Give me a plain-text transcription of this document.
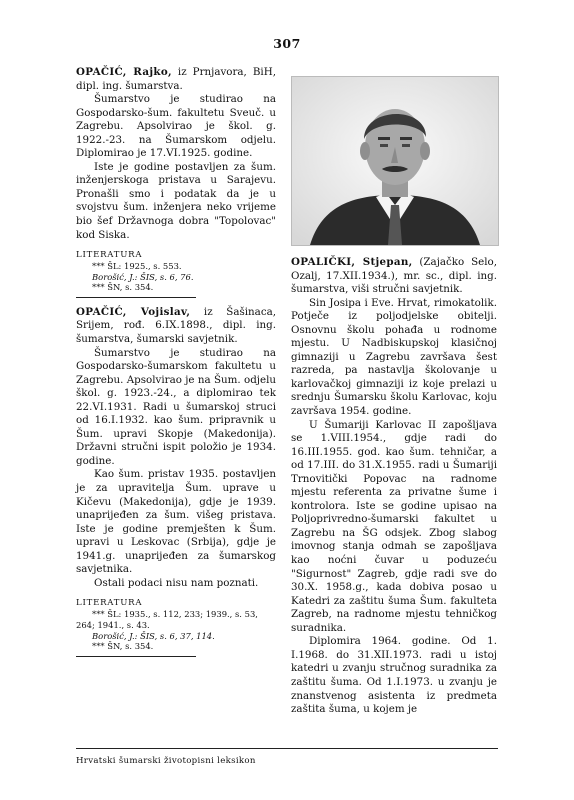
307

OPAČIĆ, Rajko, iz Prnjavora, BiH, dipl. ing. šumarstva.

Šumarstvo je studirao na Gospodarsko-šum. fakultetu Sveuč. u Zagrebu. Apsolvirao je škol. g. 1922.-23. na Šumarskom odjelu. Diplomirao je 17.VI.1925. godine.

Iste je godine postavljen za šum. inženjerskoga pristava u Sarajevu. Pronašli smo i podatak da je u svojstvu šum. inženjera neko vrijeme bio šef Državnoga dobra "Topolovac" kod Siska.

LITERATURA
*** ŠL: 1925., s. 553.
Borošić, J.: ŠIS, s. 6, 76.
*** ŠN, s. 354.

OPAČIĆ, Vojislav, iz Šašinaca, Srijem, rođ. 6.IX.1898., dipl. ing. šumarstva, šumarski savjetnik.

Šumarstvo je studirao na Gospodarsko-šumarskom fakultetu u Zagrebu. Apsolvirao je na Šum. odjelu škol. g. 1923.-24., a diplomirao tek 22.VI.1931. Radi u šumarskoj struci od 16.I.1932. kao šum. pripravnik u Šum. upravi Skopje (Makedonija). Državni stručni ispit položio je 1934. godine.

Kao šum. pristav 1935. postavljen je za upravitelja Šum. uprave u Kičevu (Makedonija), gdje je 1939. unaprijeđen za šum. višeg pristava. Iste je godine premješten k Šum. upravi u Leskovac (Srbija), gdje je 1941.g. unaprijeđen za šumarskog savjetnika.

Ostali podaci nisu nam poznati.

LITERATURA
*** ŠL: 1935., s. 112, 233; 1939., s. 53, 264; 1941., s. 43.
Borošić, J.: ŠIS, s. 6, 37, 114.
*** ŠN, s. 354.

OPALIČKI, Stjepan, (Zajačko Selo, Ozalj, 17.XII.1934.), mr. sc., dipl. ing. šumarstva, viši stručni savjetnik.

Sin Josipa i Eve. Hrvat, rimokatolik. Potječe iz poljodjelske obitelji. Osnovnu školu pohađa u rodnome mjestu. U Nadbiskupskoj klasičnoj gimnaziji u Zagrebu završava šest razreda, pa nastavlja školovanje u karlovačkoj gimnaziji iz koje prelazi u srednju Šumarsku školu Karlovac, koju završava 1954. godine.

U Šumariji Karlovac II zapošljava se 1.VIII.1954., gdje radi do 16.III.1955. god. kao šum. tehničar, a od 17.III. do 31.X.1955. radi u Šumariji Trnovitički Popovac na radnome mjestu referenta za privatne šume i kontrolora. Iste se godine upisao na Poljoprivredno-šumarski fakultet u Zagrebu na ŠG odsjek. Zbog slabog imovnog stanja odmah se zapošljava kao noćni čuvar u poduzeću "Sigurnost" Zagreb, gdje radi sve do 30.X. 1958.g., kada dobiva posao u Katedri za zaštitu šuma Šum. fakulteta Zagreb, na radnome mjestu tehničkog suradnika.

Diplomira 1964. godine. Od 1. I.1968. do 31.XII.1973. radi u istoj katedri u zvanju stručnog suradnika za zaštitu šuma. Od 1.I.1973. u zvanju je znanstvenog asistenta iz predmeta zaštita šuma, u kojem je

Hrvatski šumarski životopisni leksikon
